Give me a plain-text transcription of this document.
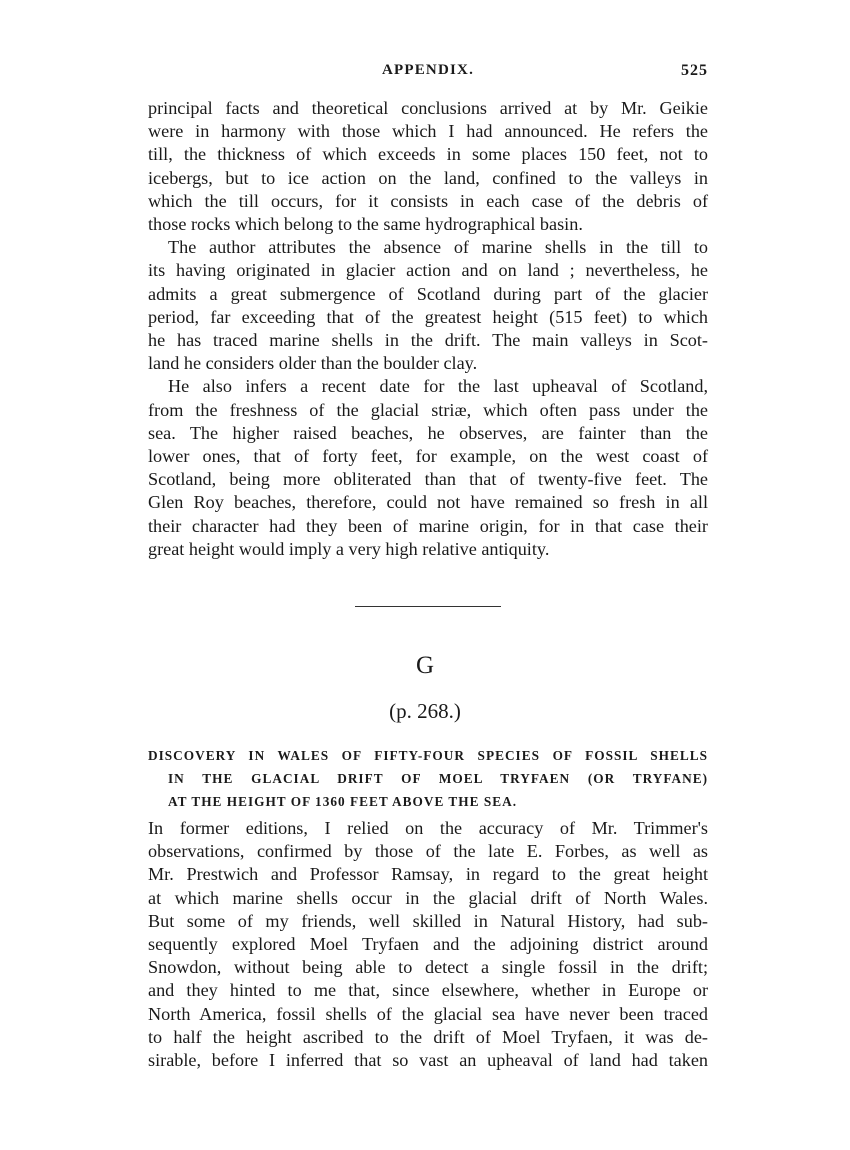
APPENDIX.	525

principal facts and theoretical conclusions arrived at by Mr. Geikie
were in harmony with those which I had announced. He refers the
till, the thickness of which exceeds in some places 150 feet, not to
icebergs, but to ice action on the land, confined to the valleys in
which the till occurs, for it consists in each case of the debris of
those rocks which belong to the same hydrographical basin.

The author attributes the absence of marine shells in the till to
its having originated in glacier action and on land ; nevertheless, he
admits a great submergence of Scotland during part of the glacier
period, far exceeding that of the greatest height (515 feet) to which
he has traced marine shells in the drift. The main valleys in Scot-
land he considers older than the boulder clay.

He also infers a recent date for the last upheaval of Scotland,
from the freshness of the glacial striæ, which often pass under the
sea. The higher raised beaches, he observes, are fainter than the
lower ones, that of forty feet, for example, on the west coast of
Scotland, being more obliterated than that of twenty-five feet. The
Glen Roy beaches, therefore, could not have remained so fresh in all
their character had they been of marine origin, for in that case their
great height would imply a very high relative antiquity.

G
(p. 268.)
DISCOVERY IN WALES OF FIFTY-FOUR SPECIES OF FOSSIL SHELLS
IN THE GLACIAL DRIFT OF MOEL TRYFAEN (OR TRYFANE)
AT THE HEIGHT OF 1360 FEET ABOVE THE SEA.
In former editions, I relied on the accuracy of Mr. Trimmer's
observations, confirmed by those of the late E. Forbes, as well as
Mr. Prestwich and Professor Ramsay, in regard to the great height
at which marine shells occur in the glacial drift of North Wales.
But some of my friends, well skilled in Natural History, had sub-
sequently explored Moel Tryfaen and the adjoining district around
Snowdon, without being able to detect a single fossil in the drift;
and they hinted to me that, since elsewhere, whether in Europe or
North America, fossil shells of the glacial sea have never been traced
to half the height ascribed to the drift of Moel Tryfaen, it was de-
sirable, before I inferred that so vast an upheaval of land had taken
